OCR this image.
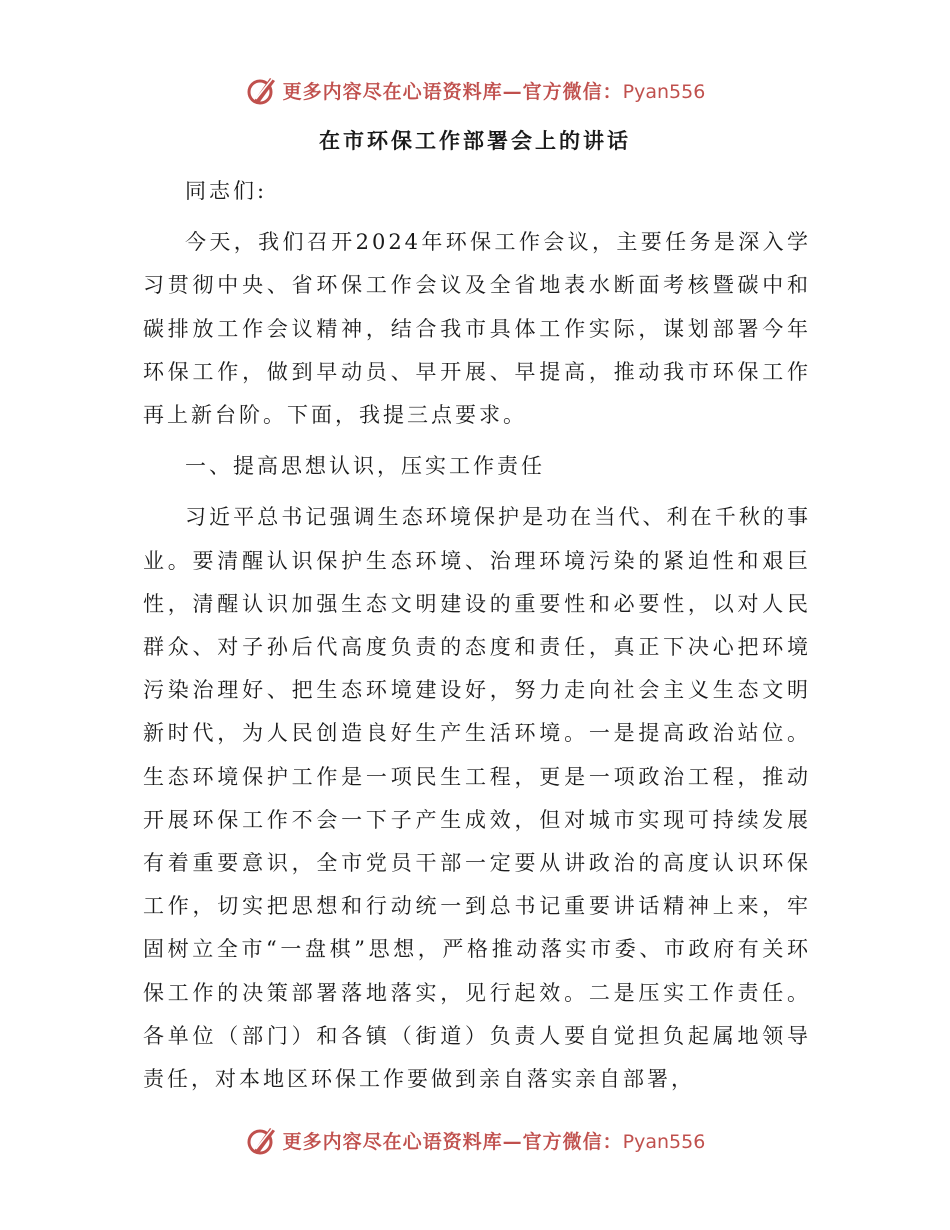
更多内容尽在心语资料库—官方微信：Pyan556
在市环保工作部署会上的讲话

同志们:

今天，我们召开2024年环保工作会议，主要任务是深入学习贯彻中央、省环保工作会议及全省地表水断面考核暨碳中和碳排放工作会议精神，结合我市具体工作实际，谋划部署今年环保工作，做到早动员、早开展、早提高，推动我市环保工作再上新台阶。下面，我提三点要求。

一、提高思想认识，压实工作责任

习近平总书记强调生态环境保护是功在当代、利在千秋的事业。要清醒认识保护生态环境、治理环境污染的紧迫性和艰巨性，清醒认识加强生态文明建设的重要性和必要性，以对人民群众、对子孙后代高度负责的态度和责任，真正下决心把环境污染治理好、把生态环境建设好，努力走向社会主义生态文明新时代，为人民创造良好生产生活环境。一是提高政治站位。生态环境保护工作是一项民生工程，更是一项政治工程，推动开展环保工作不会一下子产生成效，但对城市实现可持续发展有着重要意识，全市党员干部一定要从讲政治的高度认识环保工作，切实把思想和行动统一到总书记重要讲话精神上来，牢固树立全市“一盘棋”思想，严格推动落实市委、市政府有关环保工作的决策部署落地落实，见行起效。二是压实工作责任。各单位（部门）和各镇（街道）负责人要自觉担负起属地领导责任，对本地区环保工作要做到亲自落实亲自部署，

更多内容尽在心语资料库—官方微信：Pyan556
